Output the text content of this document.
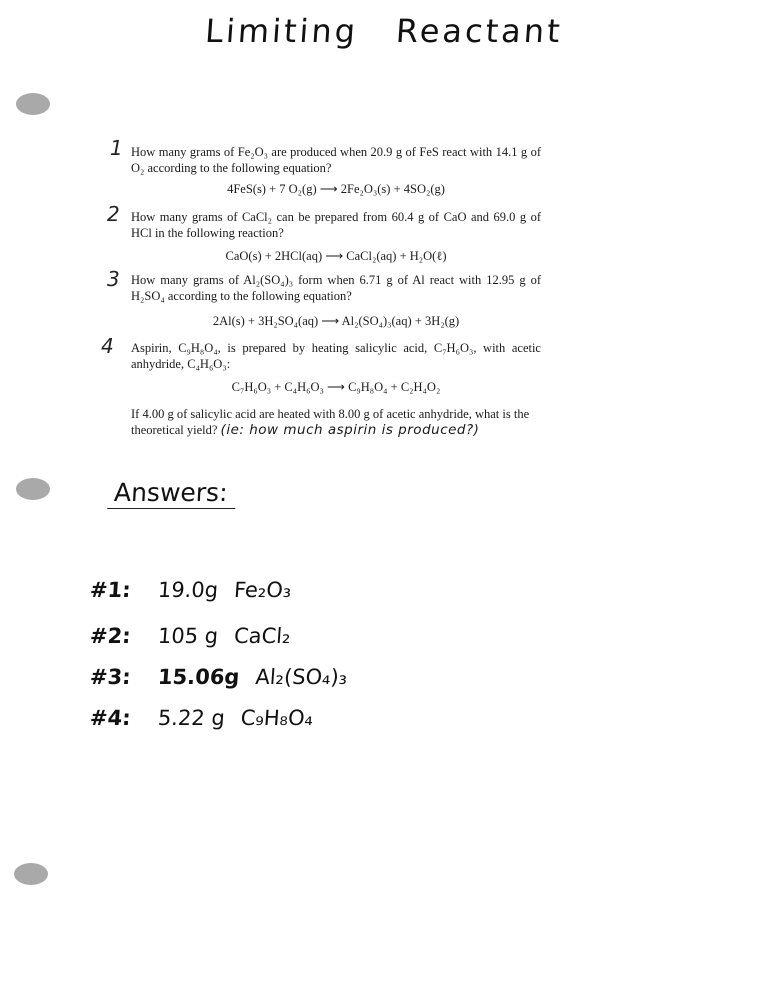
Limiting Reactant
1 How many grams of Fe₂O₃ are produced when 20.9 g of FeS react with 14.1 g of O₂ according to the following equation?
4FeS(s) + 7 O₂(g) ⟶ 2Fe₂O₃(s) + 4SO₂(g)
2 How many grams of CaCl₂ can be prepared from 60.4 g of CaO and 69.0 g of HCl in the following reaction?
CaO(s) + 2HCl(aq) ⟶ CaCl₂(aq) + H₂O(ℓ)
3 How many grams of Al₂(SO₄)₃ form when 6.71 g of Al react with 12.95 g of H₂SO₄ according to the following equation?
2Al(s) + 3H₂SO₄(aq) ⟶ Al₂(SO₄)₃(aq) + 3H₂(g)
4 Aspirin, C₉H₈O₄, is prepared by heating salicylic acid, C₇H₆O₃, with acetic anhydride, C₄H₆O₃:
C₇H₆O₃ + C₄H₆O₃ ⟶ C₉H₈O₄ + C₂H₄O₂
If 4.00 g of salicylic acid are heated with 8.00 g of acetic anhydride, what is the theoretical yield? (ie: how much aspirin is produced?)
Answers:
#1:	19.0g Fe₂O₃
#2:	105 g CaCl₂
#3:	15.06g Al₂(SO₄)₃
#4:	5.22 g C₉H₈O₄
